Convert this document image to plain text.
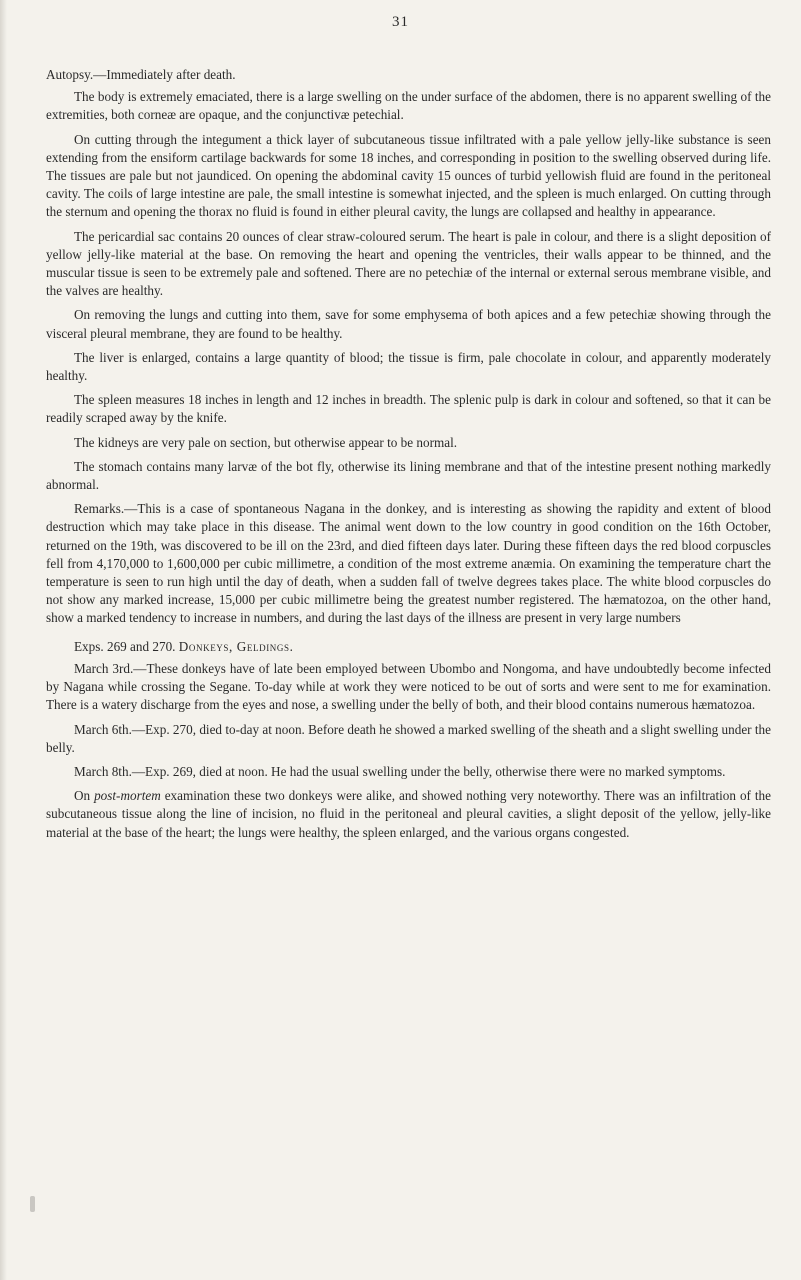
31

Autopsy.—Immediately after death.

The body is extremely emaciated, there is a large swelling on the under surface of the abdomen, there is no apparent swelling of the extremities, both corneæ are opaque, and the conjunctivæ petechial.

On cutting through the integument a thick layer of subcutaneous tissue infiltrated with a pale yellow jelly-like substance is seen extending from the ensiform cartilage backwards for some 18 inches, and corresponding in position to the swelling observed during life. The tissues are pale but not jaundiced. On opening the abdominal cavity 15 ounces of turbid yellowish fluid are found in the peritoneal cavity. The coils of large intestine are pale, the small intestine is somewhat injected, and the spleen is much enlarged. On cutting through the sternum and opening the thorax no fluid is found in either pleural cavity, the lungs are collapsed and healthy in appearance.

The pericardial sac contains 20 ounces of clear straw-coloured serum. The heart is pale in colour, and there is a slight deposition of yellow jelly-like material at the base. On removing the heart and opening the ventricles, their walls appear to be thinned, and the muscular tissue is seen to be extremely pale and softened. There are no petechiæ of the internal or external serous membrane visible, and the valves are healthy.

On removing the lungs and cutting into them, save for some emphysema of both apices and a few petechiæ showing through the visceral pleural membrane, they are found to be healthy.

The liver is enlarged, contains a large quantity of blood; the tissue is firm, pale chocolate in colour, and apparently moderately healthy.

The spleen measures 18 inches in length and 12 inches in breadth. The splenic pulp is dark in colour and softened, so that it can be readily scraped away by the knife.

The kidneys are very pale on section, but otherwise appear to be normal.

The stomach contains many larvæ of the bot fly, otherwise its lining membrane and that of the intestine present nothing markedly abnormal.

Remarks.—This is a case of spontaneous Nagana in the donkey, and is interesting as showing the rapidity and extent of blood destruction which may take place in this disease. The animal went down to the low country in good condition on the 16th October, returned on the 19th, was discovered to be ill on the 23rd, and died fifteen days later. During these fifteen days the red blood corpuscles fell from 4,170,000 to 1,600,000 per cubic millimetre, a condition of the most extreme anæmia. On examining the temperature chart the temperature is seen to run high until the day of death, when a sudden fall of twelve degrees takes place. The white blood corpuscles do not show any marked increase, 15,000 per cubic millimetre being the greatest number registered. The hæmatozoa, on the other hand, show a marked tendency to increase in numbers, and during the last days of the illness are present in very large numbers

Exps. 269 and 270. Donkeys, Geldings.

March 3rd.—These donkeys have of late been employed between Ubombo and Nongoma, and have undoubtedly become infected by Nagana while crossing the Segane. To-day while at work they were noticed to be out of sorts and were sent to me for examination. There is a watery discharge from the eyes and nose, a swelling under the belly of both, and their blood contains numerous hæmatozoa.

March 6th.—Exp. 270, died to-day at noon. Before death he showed a marked swelling of the sheath and a slight swelling under the belly.

March 8th.—Exp. 269, died at noon. He had the usual swelling under the belly, otherwise there were no marked symptoms.

On post-mortem examination these two donkeys were alike, and showed nothing very noteworthy. There was an infiltration of the subcutaneous tissue along the line of incision, no fluid in the peritoneal and pleural cavities, a slight deposit of the yellow, jelly-like material at the base of the heart; the lungs were healthy, the spleen enlarged, and the various organs congested.
